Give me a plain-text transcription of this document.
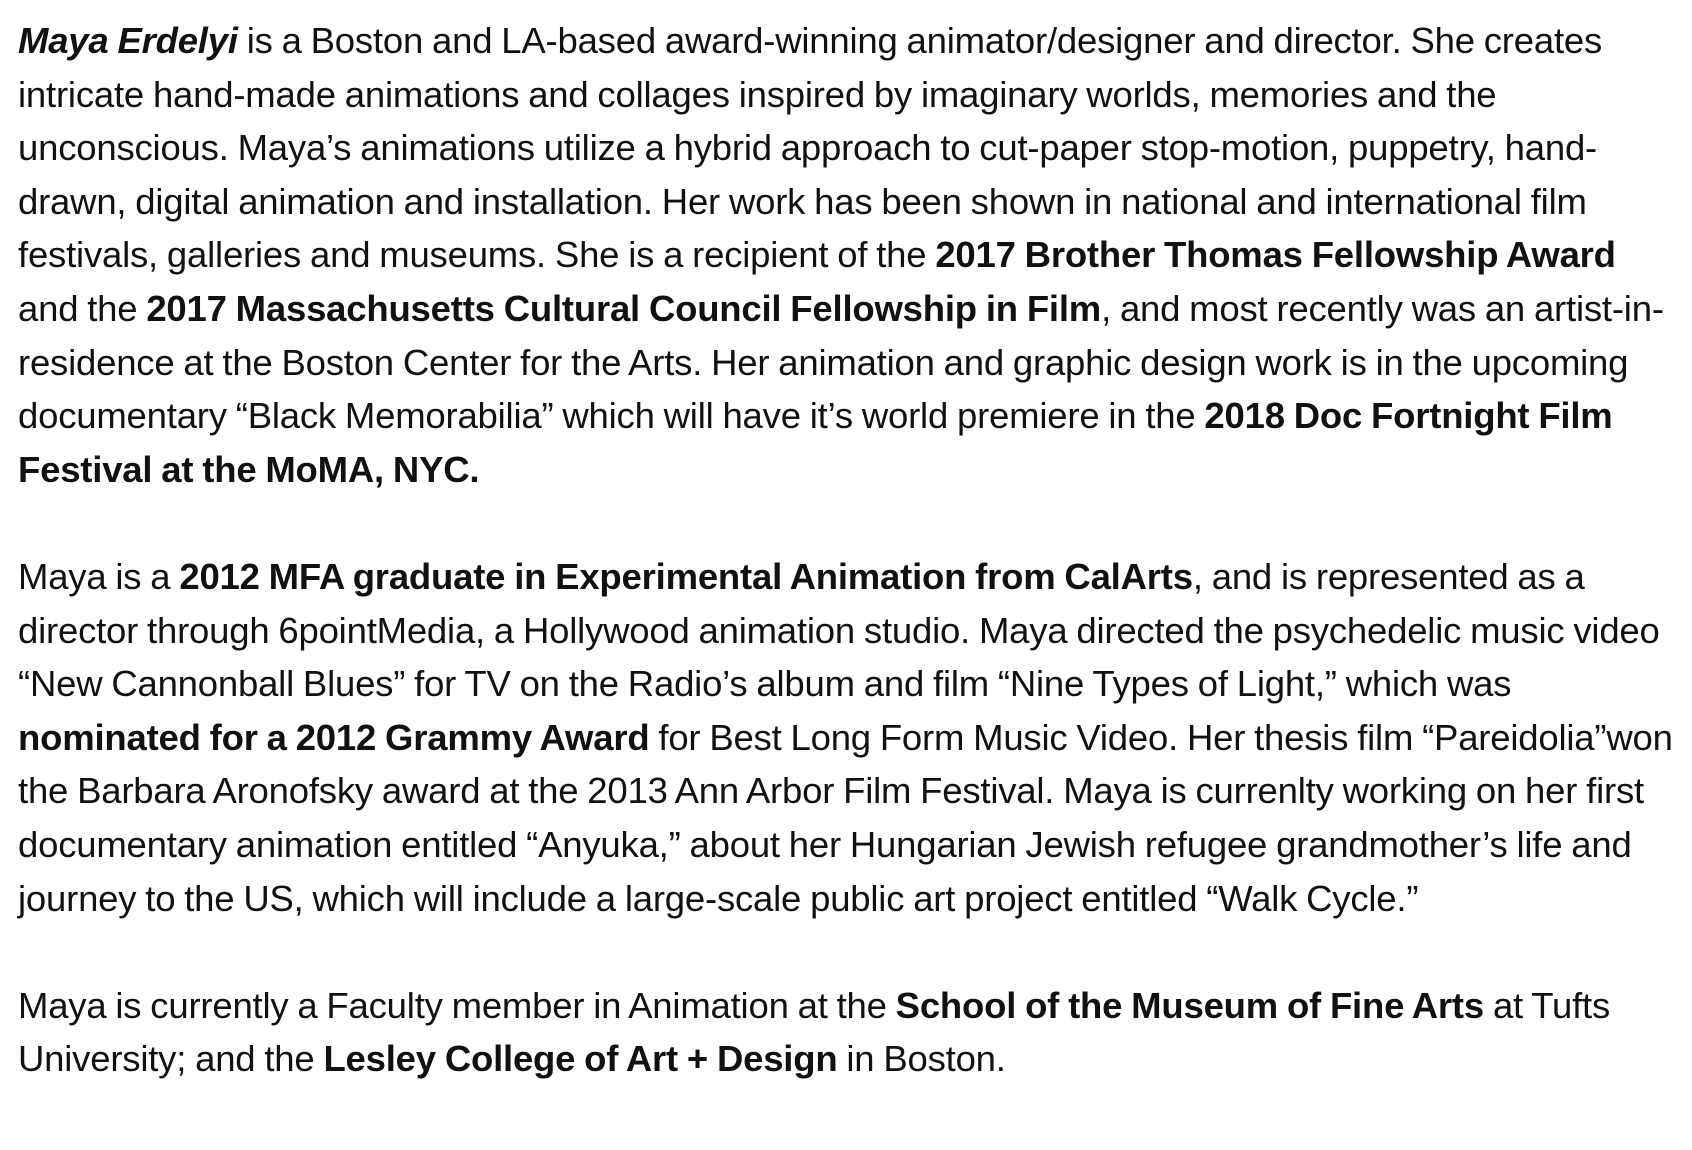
Maya Erdelyi is a Boston and LA-based award-winning animator/designer and director. She creates intricate hand-made animations and collages inspired by imaginary worlds, memories and the unconscious. Maya’s animations utilize a hybrid approach to cut-paper stop-motion, puppetry, hand-drawn, digital animation and installation. Her work has been shown in national and international film festivals, galleries and museums. She is a recipient of the 2017 Brother Thomas Fellowship Award and the 2017 Massachusetts Cultural Council Fellowship in Film, and most recently was an artist-in-residence at the Boston Center for the Arts. Her animation and graphic design work is in the upcoming documentary “Black Memorabilia” which will have it’s world premiere in the 2018 Doc Fortnight Film Festival at the MoMA, NYC.

Maya is a 2012 MFA graduate in Experimental Animation from CalArts, and is represented as a director through 6pointMedia, a Hollywood animation studio. Maya directed the psychedelic music video “New Cannonball Blues” for TV on the Radio’s album and film “Nine Types of Light,” which was nominated for a 2012 Grammy Award for Best Long Form Music Video. Her thesis film “Pareidolia”won the Barbara Aronofsky award at the 2013 Ann Arbor Film Festival. Maya is currenlty working on her first documentary animation entitled “Anyuka,” about her Hungarian Jewish refugee grandmother’s life and journey to the US, which will include a large-scale public art project entitled “Walk Cycle.”

Maya is currently a Faculty member in Animation at the School of the Museum of Fine Arts at Tufts University; and the Lesley College of Art + Design in Boston.
